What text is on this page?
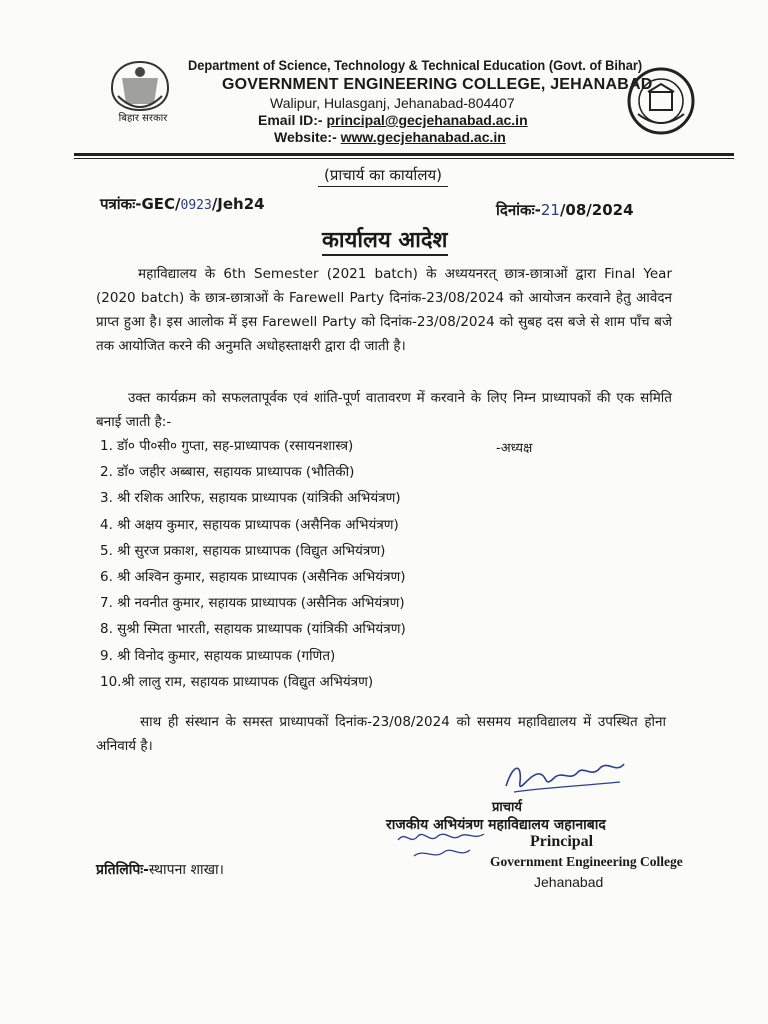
बिहार सरकार
Department of Science, Technology & Technical Education (Govt. of Bihar)
GOVERNMENT ENGINEERING COLLEGE, JEHANABAD
Walipur, Hulasganj, Jehanabad-804407
Email ID:- principal@gecjehanabad.ac.in
Website:- www.gecjehanabad.ac.in
(प्राचार्य का कार्यालय)
पत्रांकः-GEC/0923/Jeh24	दिनांकः-21/08/2024
कार्यालय आदेश
महाविद्यालय के 6th Semester (2021 batch) के अध्ययनरत् छात्र-छात्राओं द्वारा Final Year (2020 batch) के छात्र-छात्राओं के Farewell Party दिनांक-23/08/2024 को आयोजन करवाने हेतु आवेदन प्राप्त हुआ है। इस आलोक में इस Farewell Party को दिनांक-23/08/2024 को सुबह दस बजे से शाम पाँच बजे तक आयोजित करने की अनुमति अधोहस्ताक्षरी द्वारा दी जाती है।
उक्त कार्यक्रम को सफलतापूर्वक एवं शांति-पूर्ण वातावरण में करवाने के लिए निम्न प्राध्यापकों की एक समिति बनाई जाती है:-
1. डॉ० पी०सी० गुप्ता, सह-प्राध्यापक (रसायनशास्त्र)
2. डॉ० जहीर अब्बास, सहायक प्राध्यापक (भौतिकी)
3. श्री रशिक आरिफ, सहायक प्राध्यापक (यांत्रिकी अभियंत्रण)
4. श्री अक्षय कुमार, सहायक प्राध्यापक (असैनिक अभियंत्रण)
5. श्री सुरज प्रकाश, सहायक प्राध्यापक (विद्युत अभियंत्रण)
6. श्री अश्विन कुमार, सहायक प्राध्यापक (असैनिक अभियंत्रण)
7. श्री नवनीत कुमार, सहायक प्राध्यापक (असैनिक अभियंत्रण)
8. सुश्री स्मिता भारती, सहायक प्राध्यापक (यांत्रिकी अभियंत्रण)
9. श्री विनोद कुमार, सहायक प्राध्यापक (गणित)
10.श्री लालु राम, सहायक प्राध्यापक (विद्युत अभियंत्रण)
-अध्यक्ष
साथ ही संस्थान के समस्त प्राध्यापकों दिनांक-23/08/2024 को ससमय महाविद्यालय में उपस्थित होना अनिवार्य है।
प्राचार्य
राजकीय अभियंत्रण महाविद्यालय जहानाबाद
Principal
Government Engineering College
Jehanabad
प्रतिलिपिः-स्थापना शाखा।
